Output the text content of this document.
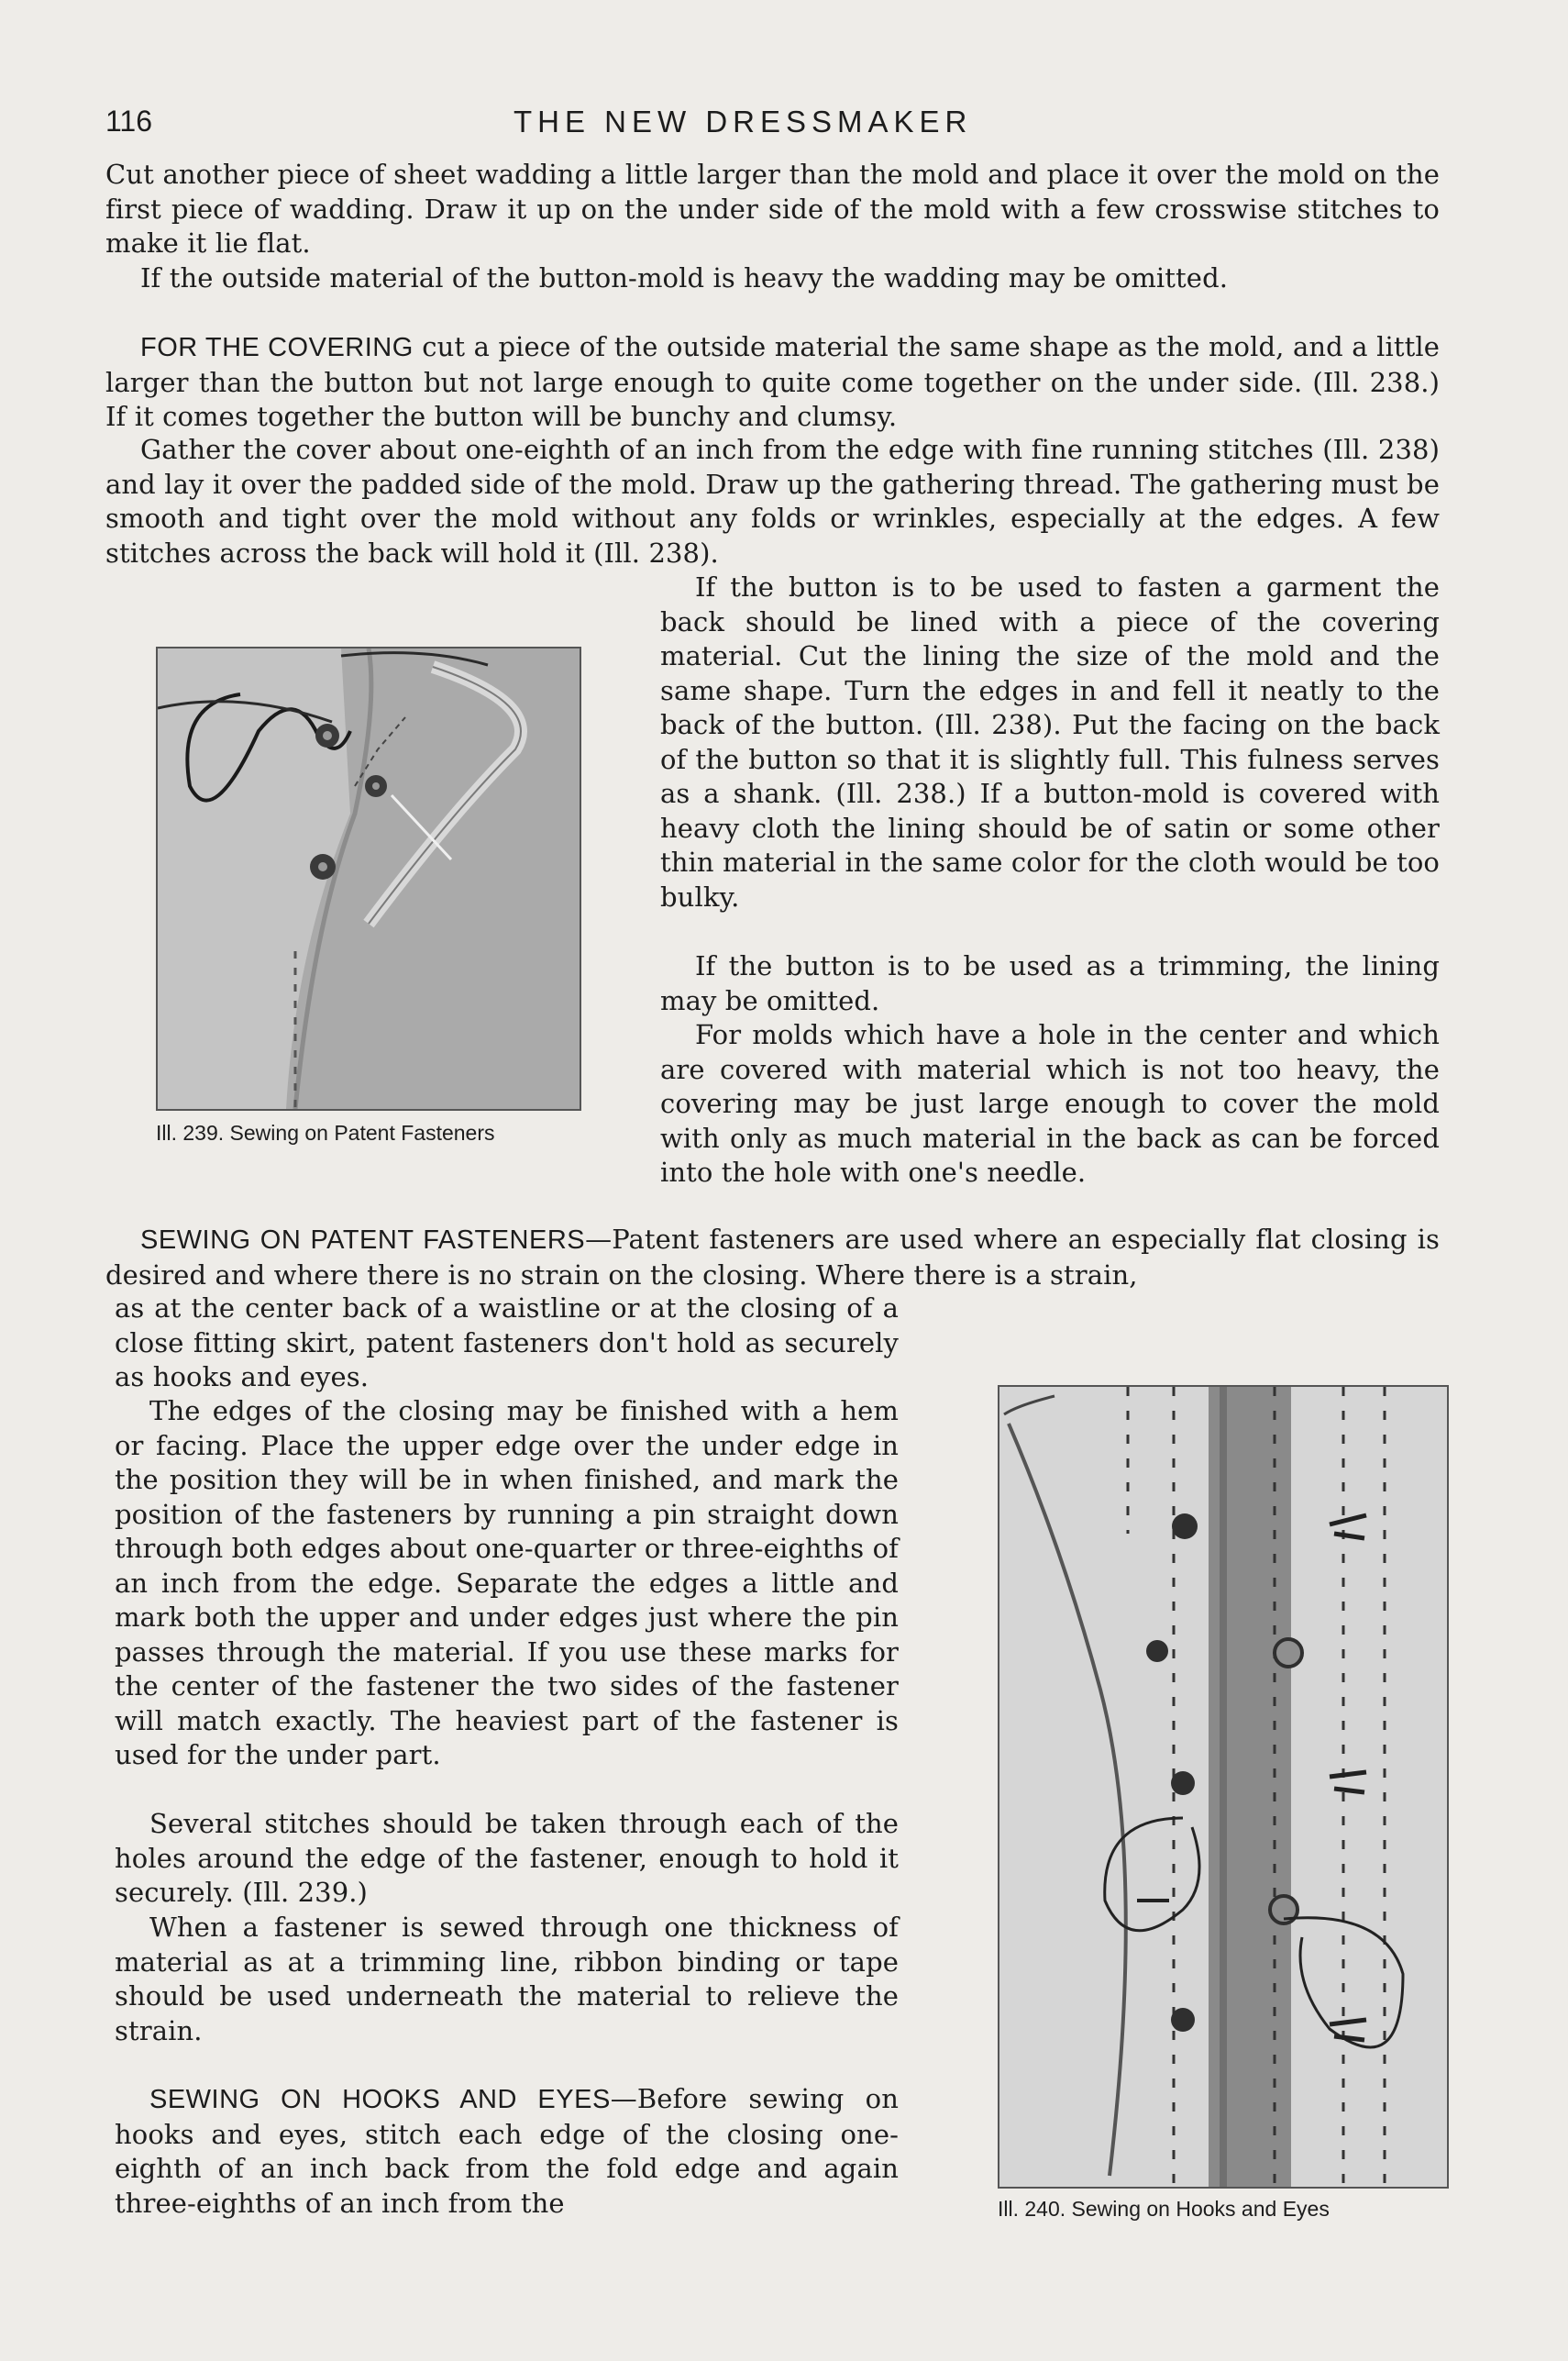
116	THE NEW DRESSMAKER

Cut another piece of sheet wadding a little larger than the mold and place it over the mold on the first piece of wadding. Draw it up on the under side of the mold with a few crosswise stitches to make it lie flat.

If the outside material of the button-mold is heavy the wadding may be omitted.

FOR THE COVERING cut a piece of the outside material the same shape as the mold, and a little larger than the button but not large enough to quite come together on the under side. (Ill. 238.) If it comes together the button will be bunchy and clumsy.

Gather the cover about one-eighth of an inch from the edge with fine running stitches (Ill. 238) and lay it over the padded side of the mold. Draw up the gathering thread. The gathering must be smooth and tight over the mold without any folds or wrinkles, especially at the edges. A few stitches across the back will hold it (Ill. 238).

If the button is to be used to fasten a garment the back should be lined with a piece of the covering material. Cut the lining the size of the mold and the same shape. Turn the edges in and fell it neatly to the back of the button. (Ill. 238). Put the facing on the back of the button so that it is slightly full. This fulness serves as a shank. (Ill. 238.) If a button-mold is covered with heavy cloth the lining should be of satin or some other thin material in the same color for the cloth would be too bulky.

If the button is to be used as a trimming, the lining may be omitted.

For molds which have a hole in the center and which are covered with material which is not too heavy, the covering may be just large enough to cover the mold with only as much material in the back as can be forced into the hole with one's needle.

Ill. 239. Sewing on Patent Fasteners

SEWING ON PATENT FASTENERS—Patent fasteners are used where an especially flat closing is desired and where there is no strain on the closing. Where there is a strain,

as at the center back of a waistline or at the closing of a close fitting skirt, patent fasteners don't hold as securely as hooks and eyes.

The edges of the closing may be finished with a hem or facing. Place the upper edge over the under edge in the position they will be in when finished, and mark the position of the fasteners by running a pin straight down through both edges about one-quarter or three-eighths of an inch from the edge. Separate the edges a little and mark both the upper and under edges just where the pin passes through the material. If you use these marks for the center of the fastener the two sides of the fastener will match exactly. The heaviest part of the fastener is used for the under part.

Several stitches should be taken through each of the holes around the edge of the fastener, enough to hold it securely. (Ill. 239.)

When a fastener is sewed through one thickness of material as at a trimming line, ribbon binding or tape should be used underneath the material to relieve the strain.

SEWING ON HOOKS AND EYES—Before sewing on hooks and eyes, stitch each edge of the closing one-eighth of an inch back from the fold edge and again three-eighths of an inch from the	Ill. 240. Sewing on Hooks and Eyes
